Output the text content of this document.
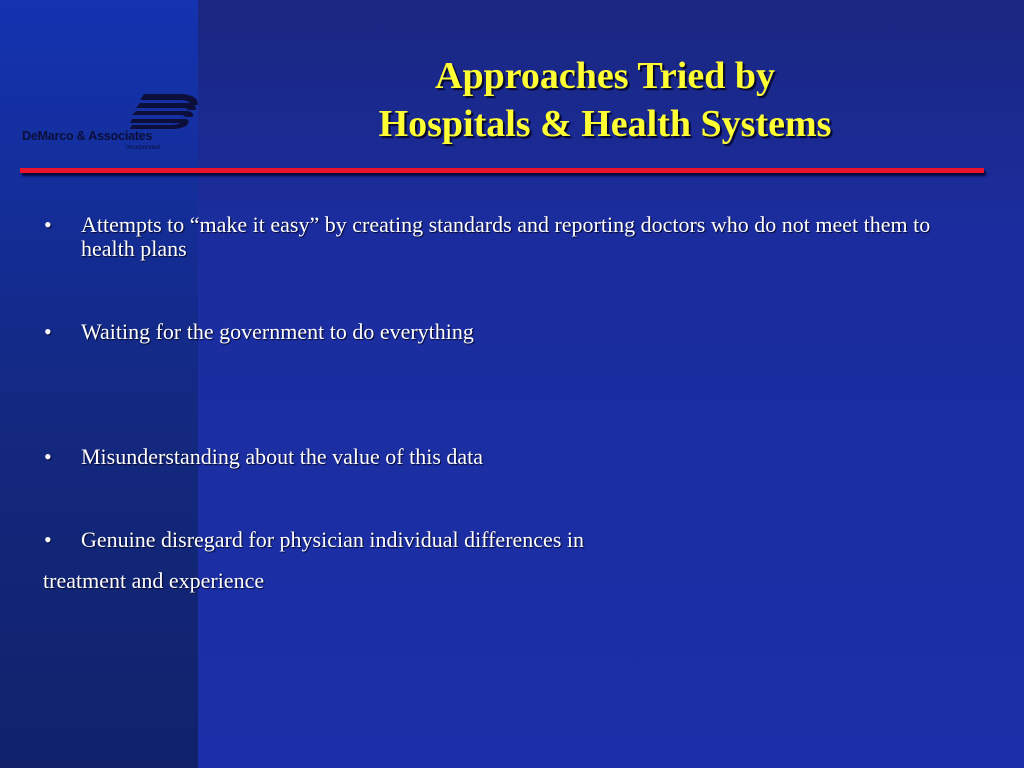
DeMarco & Associates
Incorporated
Approaches Tried by
Hospitals & Health Systems
•	Attempts to “make it easy” by creating standards and reporting doctors who do not meet them to health plans
•	Waiting for the government to do everything
•	Misunderstanding about the value of this data
•	Genuine disregard for physician individual differences in
treatment and experience
